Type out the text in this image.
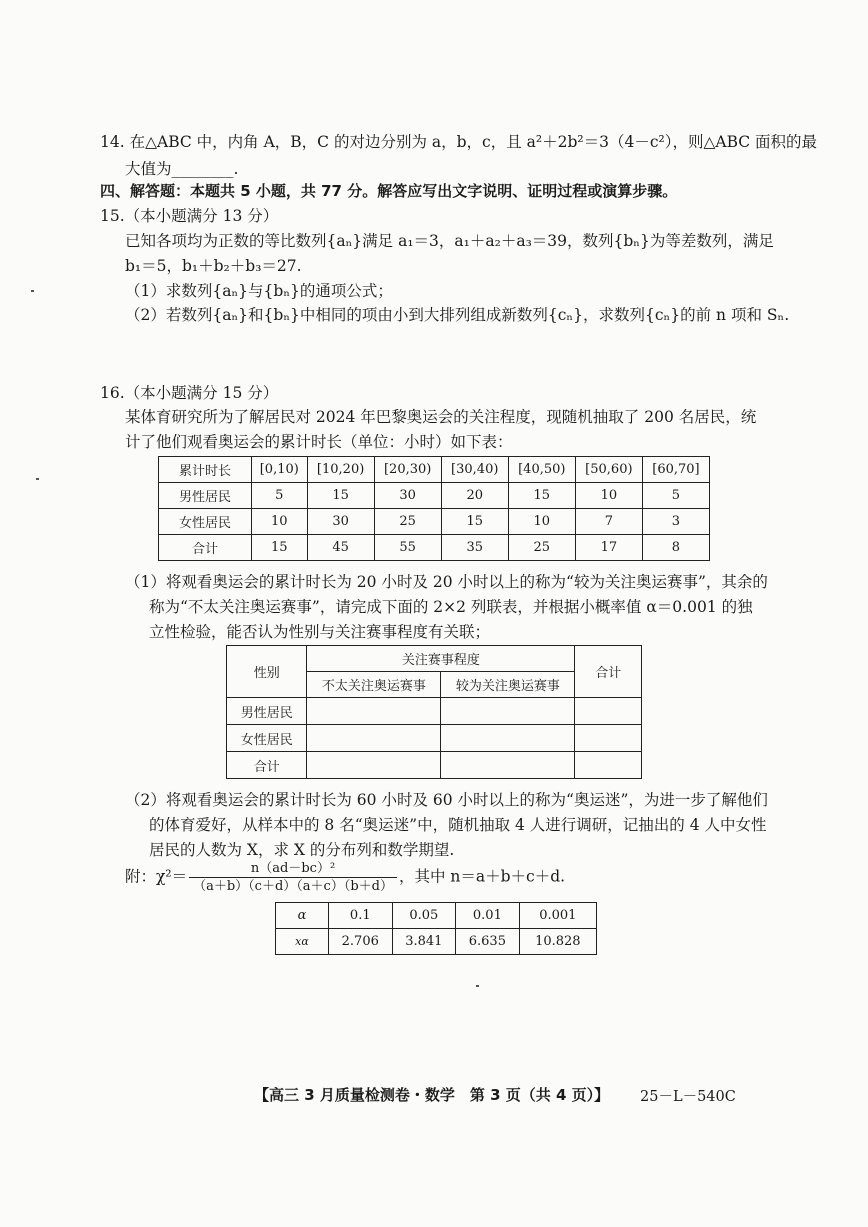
14. 在△ABC 中，内角 A，B，C 的对边分别为 a，b，c，且 a²＋2b²＝3（4－c²），则△ABC 面积的最
大值为________.
四、解答题：本题共 5 小题，共 77 分。解答应写出文字说明、证明过程或演算步骤。
15.（本小题满分 13 分）
已知各项均为正数的等比数列{aₙ}满足 a₁＝3，a₁＋a₂＋a₃＝39，数列{bₙ}为等差数列，满足
b₁＝5，b₁＋b₂＋b₃＝27.
（1）求数列{aₙ}与{bₙ}的通项公式；
（2）若数列{aₙ}和{bₙ}中相同的项由小到大排列组成新数列{cₙ}，求数列{cₙ}的前 n 项和 Sₙ.
16.（本小题满分 15 分）
某体育研究所为了解居民对 2024 年巴黎奥运会的关注程度，现随机抽取了 200 名居民，统
计了他们观看奥运会的累计时长（单位：小时）如下表：
累计时长	[0,10)	[10,20)	[20,30)	[30,40)	[40,50)	[50,60)	[60,70]
男性居民	5	15	30	20	15	10	5
女性居民	10	30	25	15	10	7	3
合计	15	45	55	35	25	17	8
（1）将观看奥运会的累计时长为 20 小时及 20 小时以上的称为“较为关注奥运赛事”，其余的
称为“不太关注奥运赛事”，请完成下面的 2×2 列联表，并根据小概率值 α＝0.001 的独
立性检验，能否认为性别与关注赛事程度有关联；
性别	关注赛事程度		合计
	不太关注奥运赛事	较为关注奥运赛事	
男性居民			
女性居民			
合计			
（2）将观看奥运会的累计时长为 60 小时及 60 小时以上的称为“奥运迷”，为进一步了解他们
的体育爱好，从样本中的 8 名“奥运迷”中，随机抽取 4 人进行调研，记抽出的 4 人中女性
居民的人数为 X，求 X 的分布列和数学期望.
附：$\chi^2= \frac{\text{n（ad－bc）²}}{(a+b)(c+d)(a+c)(b+d)}$ ，其中 n＝a＋b＋c＋d.
α	0.1	0.05	0.01	0.001
xα	2.706	3.841	6.635	10.828
【高三 3 月质量检测卷・数学　第 3 页（共 4 页）】 25－L－540C
